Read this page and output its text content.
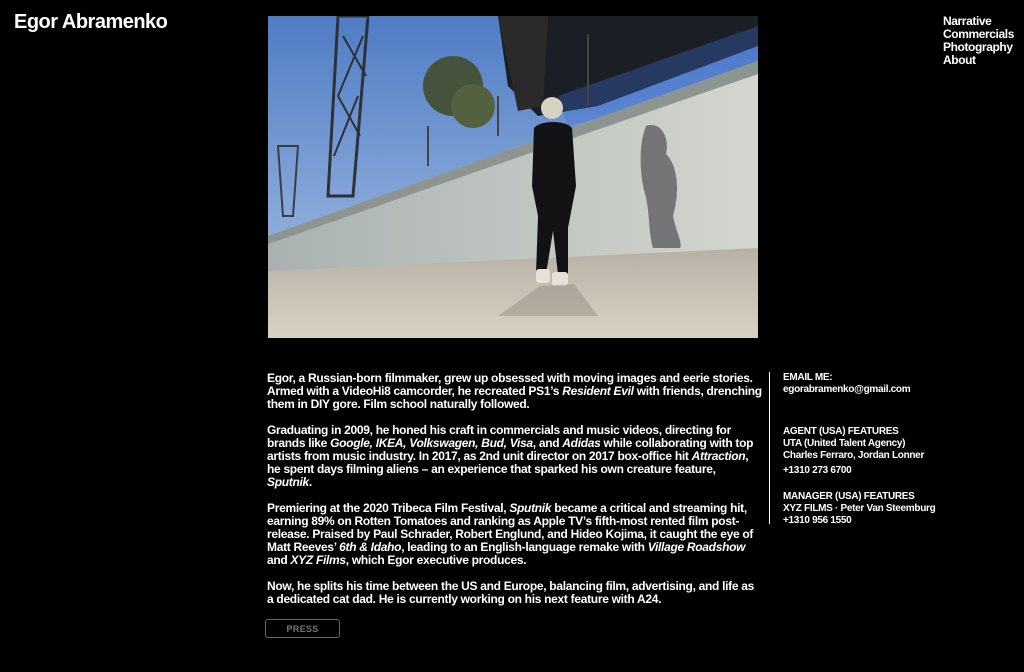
Egor Abramenko	Narrative
Commercials
Photography
About

Egor, a Russian-born filmmaker, grew up obsessed with moving images and eerie stories. Armed with a VideoHi8 camcorder, he recreated PS1’s Resident Evil with friends, drenching them in DIY gore. Film school naturally followed.

Graduating in 2009, he honed his craft in commercials and music videos, directing for brands like Google, IKEA, Volkswagen, Bud, Visa, and Adidas while collaborating with top artists from music industry. In 2017, as 2nd unit director on 2017 box-office hit Attraction, he spent days filming aliens – an experience that sparked his own creature feature, Sputnik.

Premiering at the 2020 Tribeca Film Festival, Sputnik became a critical and streaming hit, earning 89% on Rotten Tomatoes and ranking as Apple TV’s fifth-most rented film post-release. Praised by Paul Schrader, Robert Englund, and Hideo Kojima, it caught the eye of Matt Reeves’ 6th & Idaho, leading to an English-language remake with Village Roadshow and XYZ Films, which Egor executive produces.

Now, he splits his time between the US and Europe, balancing film, advertising, and life as a dedicated cat dad. He is currently working on his next feature with A24.

PRESS
EMAIL ME:
egorabramenko@gmail.com
AGENT (USA) FEATURES
UTA (United Talent Agency)
Charles Ferraro, Jordan Lonner
+1310 273 6700
MANAGER (USA) FEATURES
XYZ FILMS · Peter Van Steemburg
+1310 956 1550
